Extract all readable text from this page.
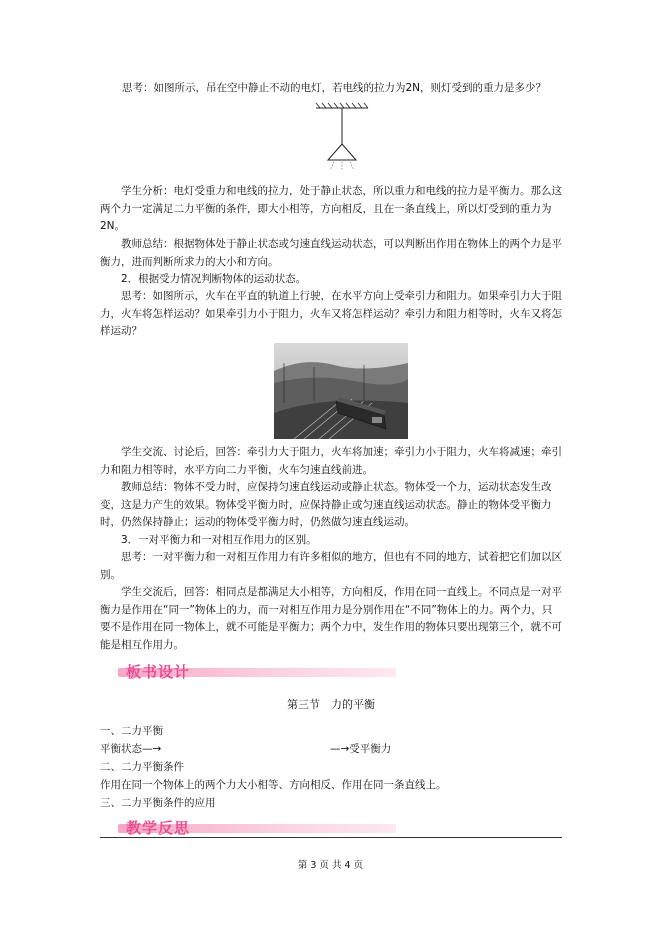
思考：如图所示，吊在空中静止不动的电灯，若电线的拉力为2N，则灯受到的重力是多少？

学生分析：电灯受重力和电线的拉力，处于静止状态，所以重力和电线的拉力是平衡力。那么这两个力一定满足二力平衡的条件，即大小相等，方向相反，且在一条直线上，所以灯受到的重力为2N。

教师总结：根据物体处于静止状态或匀速直线运动状态，可以判断出作用在物体上的两个力是平衡力，进而判断所求力的大小和方向。

2．根据受力情况判断物体的运动状态。

思考：如图所示，火车在平直的轨道上行驶，在水平方向上受牵引力和阻力。如果牵引力大于阻力，火车将怎样运动？如果牵引力小于阻力，火车又将怎样运动？牵引力和阻力相等时，火车又将怎样运动？

学生交流、讨论后，回答：牵引力大于阻力，火车将加速；牵引力小于阻力，火车将减速；牵引力和阻力相等时，水平方向二力平衡，火车匀速直线前进。

教师总结：物体不受力时，应保持匀速直线运动或静止状态。物体受一个力，运动状态发生改变，这是力产生的效果。物体受平衡力时，应保持静止或匀速直线运动状态。静止的物体受平衡力时，仍然保持静止；运动的物体受平衡力时，仍然做匀速直线运动。

3．一对平衡力和一对相互作用力的区别。

思考：一对平衡力和一对相互作用力有许多相似的地方，但也有不同的地方，试着把它们加以区别。

学生交流后，回答：相同点是都满足大小相等，方向相反，作用在同一直线上。不同点是一对平衡力是作用在“同一”物体上的力，而一对相互作用力是分别作用在“不同”物体上的力。两个力，只要不是作用在同一物体上，就不可能是平衡力；两个力中，发生作用的物体只要出现第三个，就不可能是相互作用力。

板书设计
第三节　力的平衡
一、二力平衡
平衡状态—→	—→受平衡力
二、二力平衡条件
作用在同一个物体上的两个力大小相等、方向相反、作用在同一条直线上。
三、二力平衡条件的应用
教学反思
第 3 页 共 4 页
